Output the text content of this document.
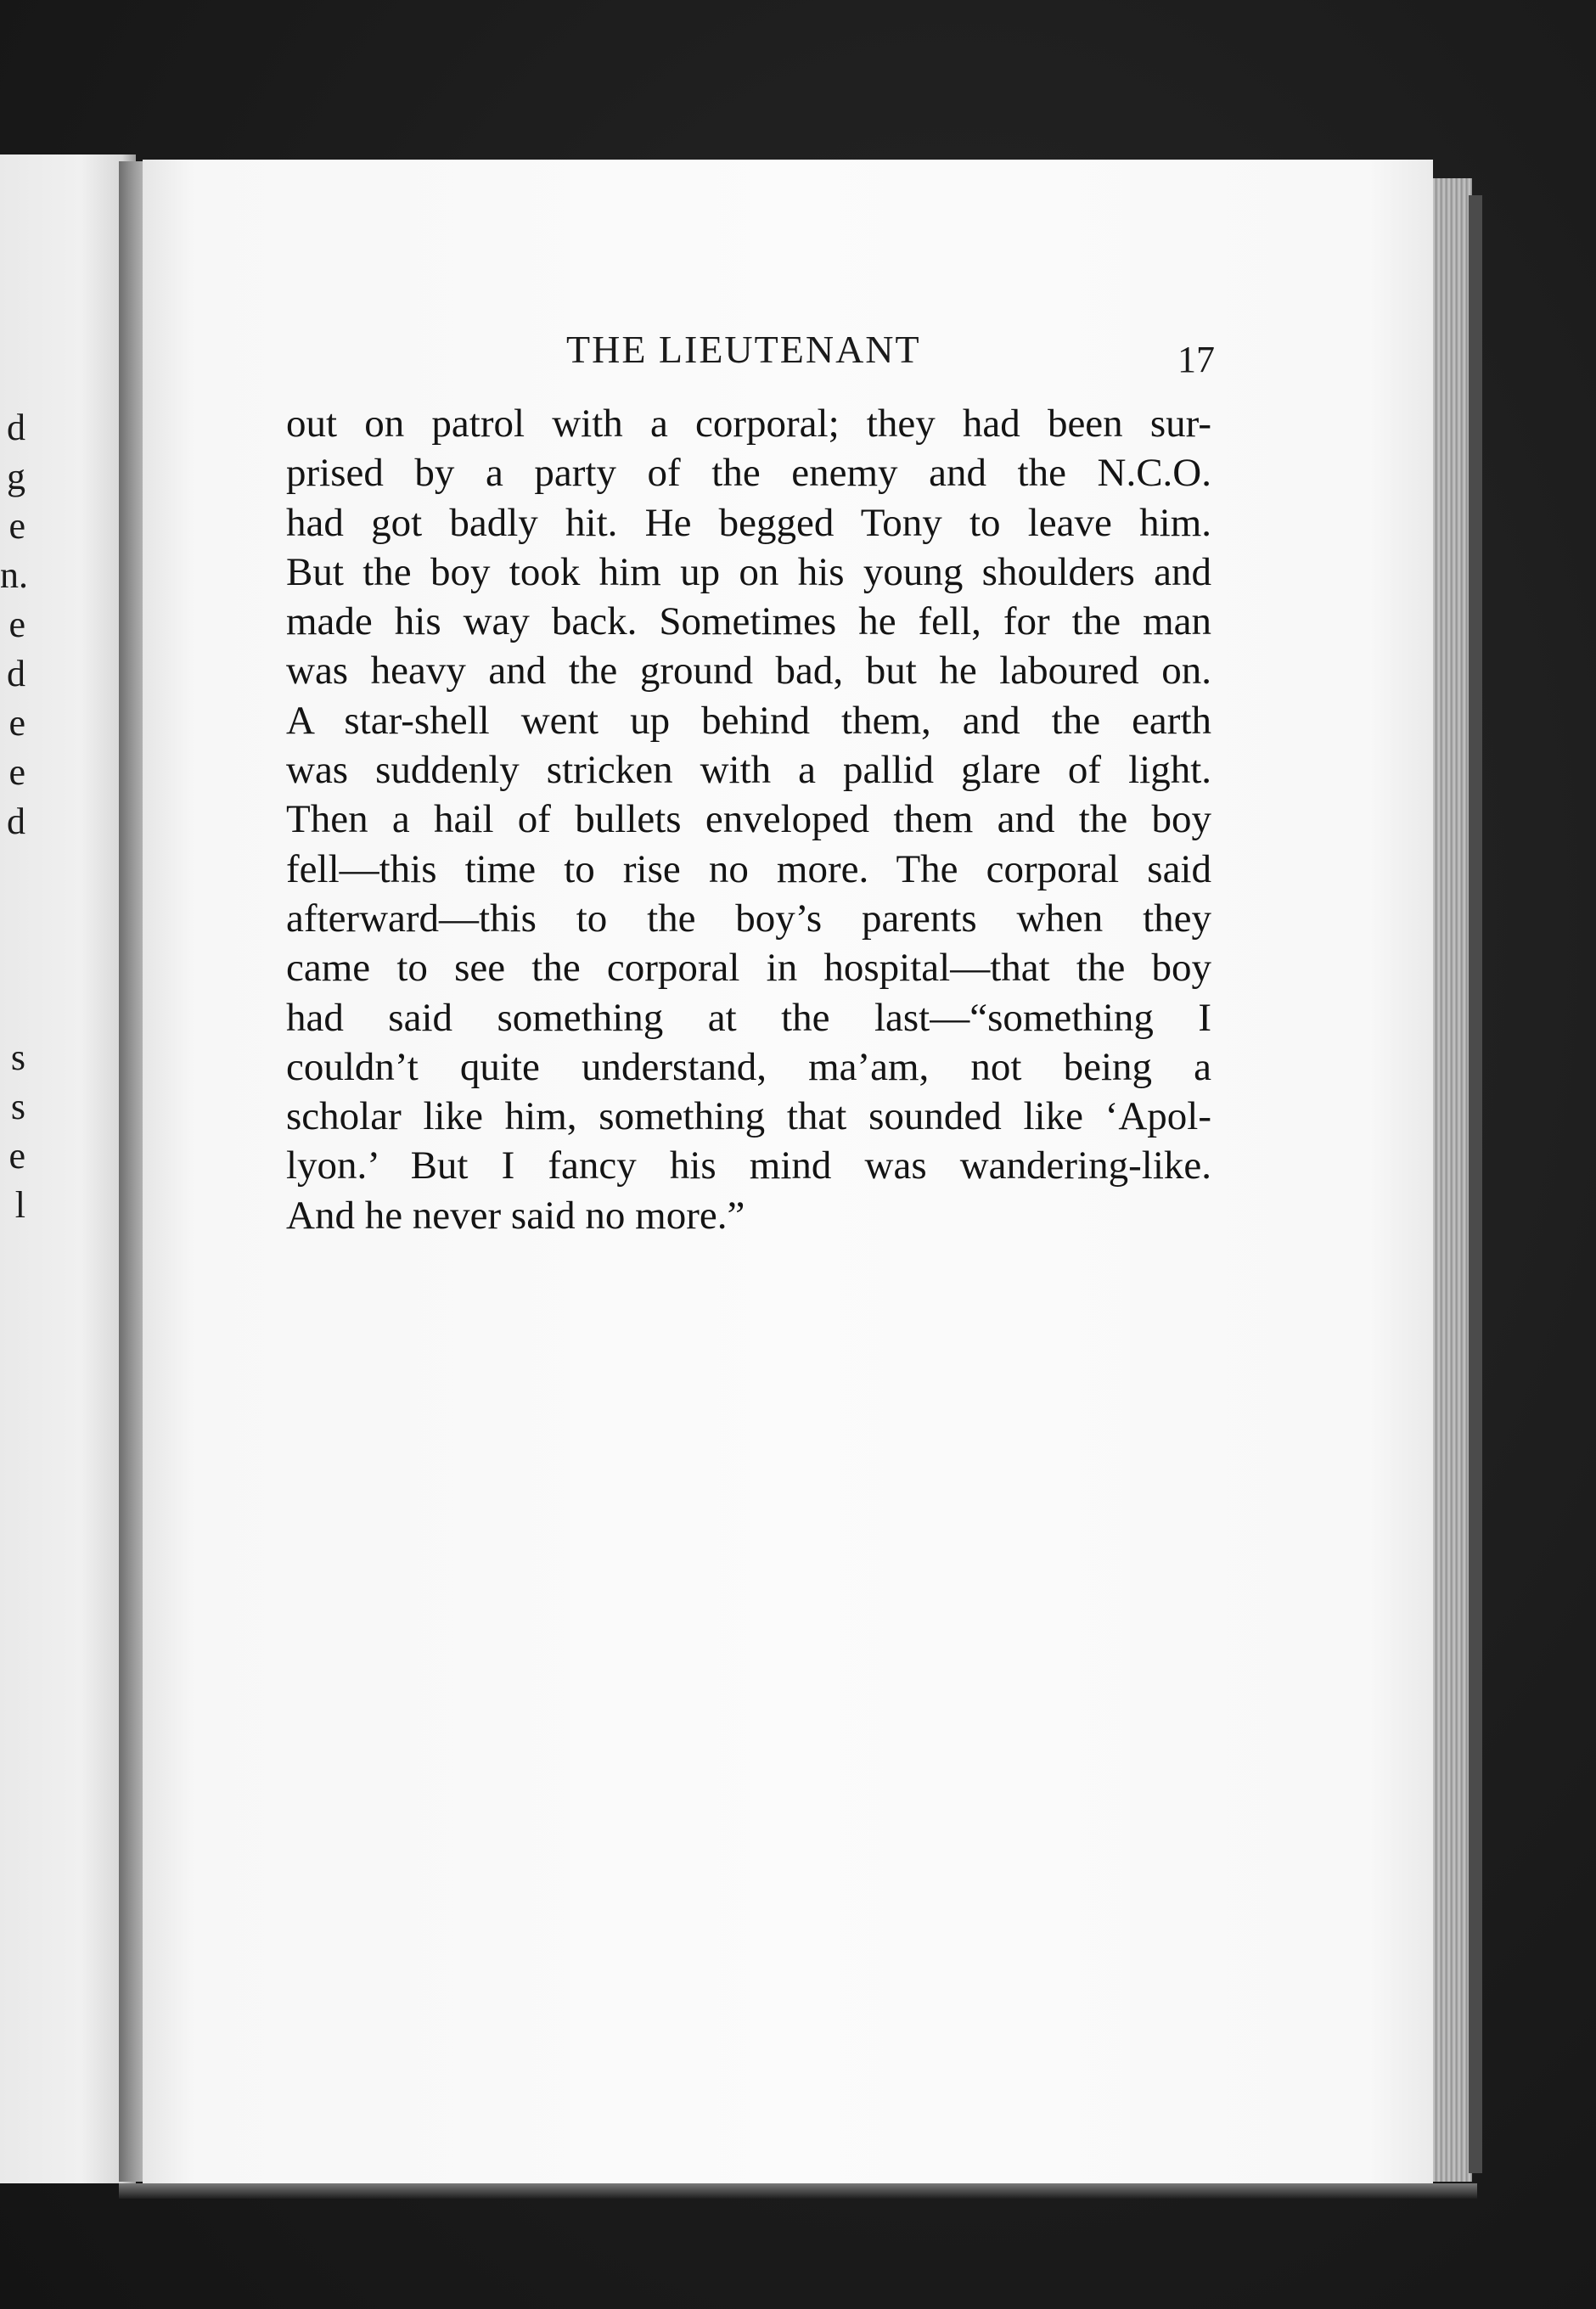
d
g
e
n.
e
d
e
e
d
s
s
e
l
THE LIEUTENANT	17
out on patrol with a corporal; they had been sur-
prised by a party of the enemy and the N.C.O.
had got badly hit. He begged Tony to leave him.
But the boy took him up on his young shoulders and
made his way back. Sometimes he fell, for the man
was heavy and the ground bad, but he laboured on.
A star-shell went up behind them, and the earth
was suddenly stricken with a pallid glare of light.
Then a hail of bullets enveloped them and the boy
fell—this time to rise no more. The corporal said
afterward—this to the boy’s parents when they
came to see the corporal in hospital—that the boy
had said something at the last—“something I
couldn’t quite understand, ma’am, not being a
scholar like him, something that sounded like ‘Apol-
lyon.’ But I fancy his mind was wandering-like.
And he never said no more.”
